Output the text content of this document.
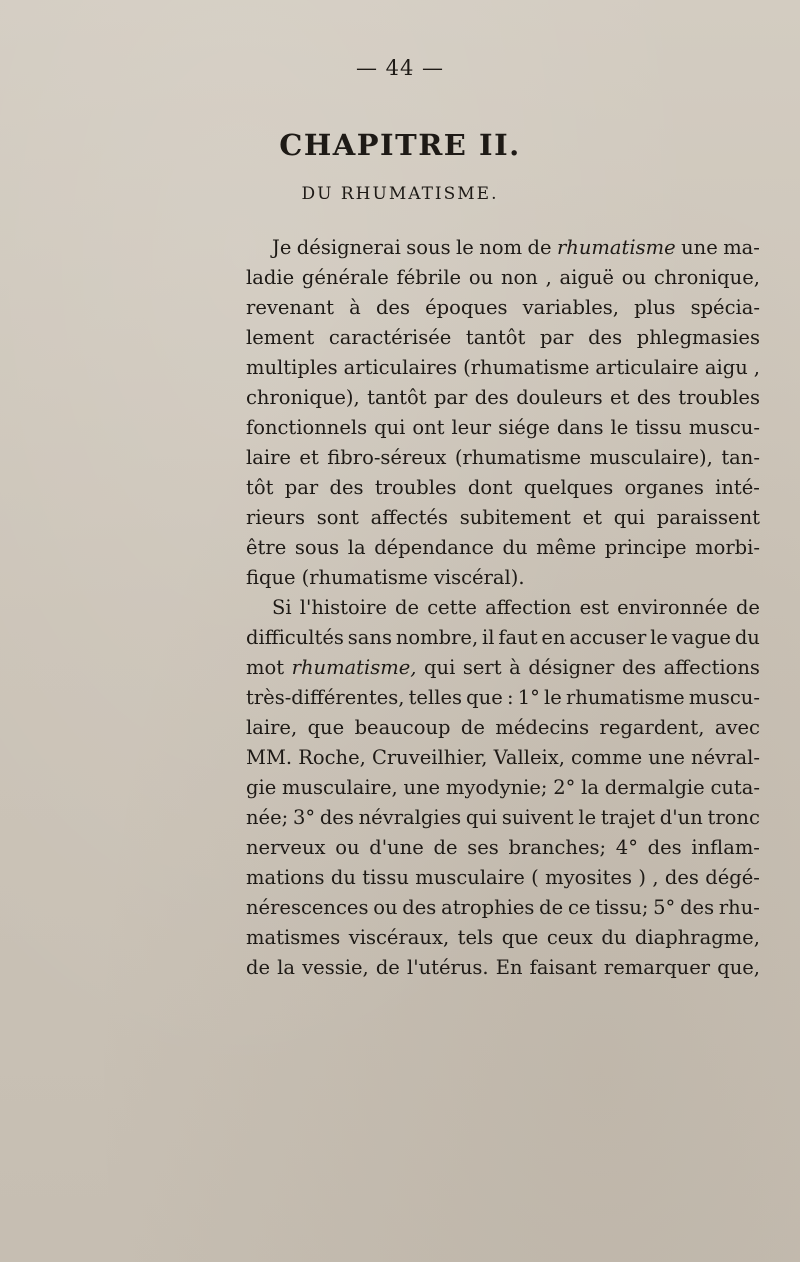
— 44 —
CHAPITRE II.
DU RHUMATISME.
Je désignerai sous le nom de rhumatisme une ma-
ladie générale fébrile ou non , aiguë ou chronique,
revenant à des époques variables, plus spécia-
lement caractérisée tantôt par des phlegmasies
multiples articulaires (rhumatisme articulaire aigu ,
chronique), tantôt par des douleurs et des troubles
fonctionnels qui ont leur siége dans le tissu muscu-
laire et fibro-séreux (rhumatisme musculaire), tan-
tôt par des troubles dont quelques organes inté-
rieurs sont affectés subitement et qui paraissent
être sous la dépendance du même principe morbi-
fique (rhumatisme viscéral).
Si l'histoire de cette affection est environnée de
difficultés sans nombre, il faut en accuser le vague du
mot rhumatisme, qui sert à désigner des affections
très-différentes, telles que : 1° le rhumatisme muscu-
laire, que beaucoup de médecins regardent, avec
MM. Roche, Cruveilhier, Valleix, comme une névral-
gie musculaire, une myodynie; 2° la dermalgie cuta-
née; 3° des névralgies qui suivent le trajet d'un tronc
nerveux ou d'une de ses branches; 4° des inflam-
mations du tissu musculaire ( myosites ) , des dégé-
nérescences ou des atrophies de ce tissu; 5° des rhu-
matismes viscéraux, tels que ceux du diaphragme,
de la vessie, de l'utérus. En faisant remarquer que,
